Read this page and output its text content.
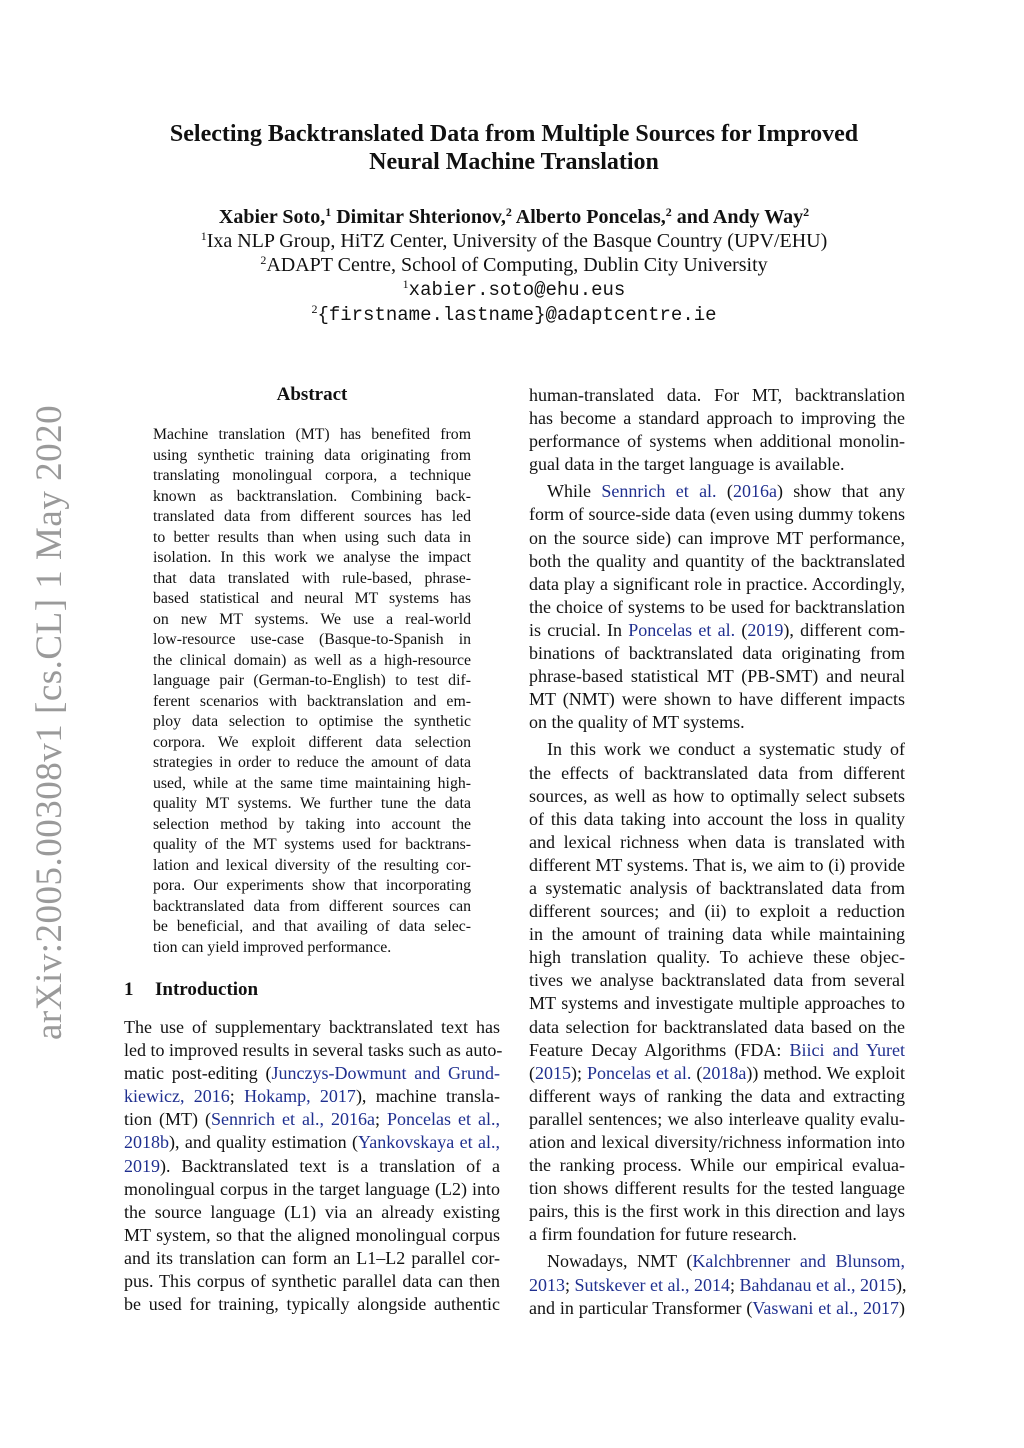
arXiv:2005.00308v1 [cs.CL] 1 May 2020
Selecting Backtranslated Data from Multiple Sources for Improved
Neural Machine Translation
Xabier Soto,$^1$ Dimitar Shterionov,$^2$ Alberto Poncelas,$^2$ and Andy Way$^2$
$^1$Ixa NLP Group, HiTZ Center, University of the Basque Country (UPV/EHU)
$^2$ADAPT Centre, School of Computing, Dublin City University
$^1$xabier.soto@ehu.eus
$^2${firstname.lastname}@adaptcentre.ie
Abstract
Machine translation (MT) has benefited from
using synthetic training data originating from
translating monolingual corpora, a technique
known as backtranslation. Combining back-
translated data from different sources has led
to better results than when using such data in
isolation. In this work we analyse the impact
that data translated with rule-based, phrase-
based statistical and neural MT systems has
on new MT systems. We use a real-world
low-resource use-case (Basque-to-Spanish in
the clinical domain) as well as a high-resource
language pair (German-to-English) to test dif-
ferent scenarios with backtranslation and em-
ploy data selection to optimise the synthetic
corpora. We exploit different data selection
strategies in order to reduce the amount of data
used, while at the same time maintaining high-
quality MT systems. We further tune the data
selection method by taking into account the
quality of the MT systems used for backtrans-
lation and lexical diversity of the resulting cor-
pora. Our experiments show that incorporating
backtranslated data from different sources can
be beneficial, and that availing of data selec-
tion can yield improved performance.
1 Introduction
The use of supplementary backtranslated text has
led to improved results in several tasks such as auto-
matic post-editing (Junczys-Dowmunt and Grund-
kiewicz, 2016; Hokamp, 2017), machine transla-
tion (MT) (Sennrich et al., 2016a; Poncelas et al.,
2018b), and quality estimation (Yankovskaya et al.,
2019). Backtranslated text is a translation of a
monolingual corpus in the target language (L2) into
the source language (L1) via an already existing
MT system, so that the aligned monolingual corpus
and its translation can form an L1–L2 parallel cor-
pus. This corpus of synthetic parallel data can then
be used for training, typically alongside authentic
human-translated data. For MT, backtranslation
has become a standard approach to improving the
performance of systems when additional monolin-
gual data in the target language is available.
While Sennrich et al. (2016a) show that any
form of source-side data (even using dummy tokens
on the source side) can improve MT performance,
both the quality and quantity of the backtranslated
data play a significant role in practice. Accordingly,
the choice of systems to be used for backtranslation
is crucial. In Poncelas et al. (2019), different com-
binations of backtranslated data originating from
phrase-based statistical MT (PB-SMT) and neural
MT (NMT) were shown to have different impacts
on the quality of MT systems.
In this work we conduct a systematic study of
the effects of backtranslated data from different
sources, as well as how to optimally select subsets
of this data taking into account the loss in quality
and lexical richness when data is translated with
different MT systems. That is, we aim to (i) provide
a systematic analysis of backtranslated data from
different sources; and (ii) to exploit a reduction
in the amount of training data while maintaining
high translation quality. To achieve these objec-
tives we analyse backtranslated data from several
MT systems and investigate multiple approaches to
data selection for backtranslated data based on the
Feature Decay Algorithms (FDA: Biici and Yuret
(2015); Poncelas et al. (2018a)) method. We exploit
different ways of ranking the data and extracting
parallel sentences; we also interleave quality evalu-
ation and lexical diversity/richness information into
the ranking process. While our empirical evalua-
tion shows different results for the tested language
pairs, this is the first work in this direction and lays
a firm foundation for future research.
Nowadays, NMT (Kalchbrenner and Blunsom,
2013; Sutskever et al., 2014; Bahdanau et al., 2015),
and in particular Transformer (Vaswani et al., 2017)
